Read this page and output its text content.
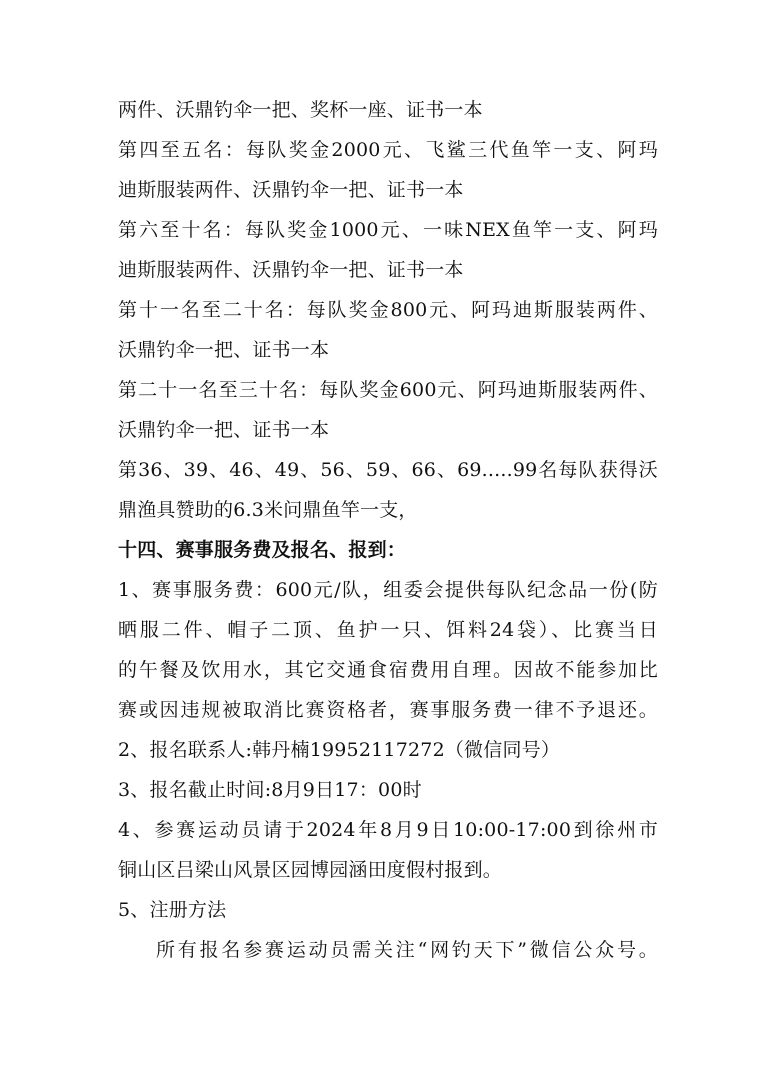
两件、沃鼎钓伞一把、奖杯一座、证书一本
第四至五名：每队奖金2000元、飞鲨三代鱼竿一支、阿玛
迪斯服装两件、沃鼎钓伞一把、证书一本
第六至十名：每队奖金1000元、一味NEX鱼竿一支、阿玛
迪斯服装两件、沃鼎钓伞一把、证书一本
第十一名至二十名：每队奖金800元、阿玛迪斯服装两件、
沃鼎钓伞一把、证书一本
第二十一名至三十名：每队奖金600元、阿玛迪斯服装两件、
沃鼎钓伞一把、证书一本
第36、39、46、49、56、59、66、69.....99名每队获得沃
鼎渔具赞助的6.3米问鼎鱼竿一支，
十四、赛事服务费及报名、报到：
1、赛事服务费：600元/队，组委会提供每队纪念品一份(防
晒服二件、帽子二顶、鱼护一只、饵料24袋）、比赛当日
的午餐及饮用水，其它交通食宿费用自理。因故不能参加比
赛或因违规被取消比赛资格者，赛事服务费一律不予退还。
2、报名联系人:韩丹楠19952117272（微信同号）
3、报名截止时间:8月9日17：00时
4、参赛运动员请于2024年8月9日10:00-17:00到徐州市
铜山区吕梁山风景区园博园涵田度假村报到。
5、注册方法
所有报名参赛运动员需关注“网钓天下”微信公众号。
